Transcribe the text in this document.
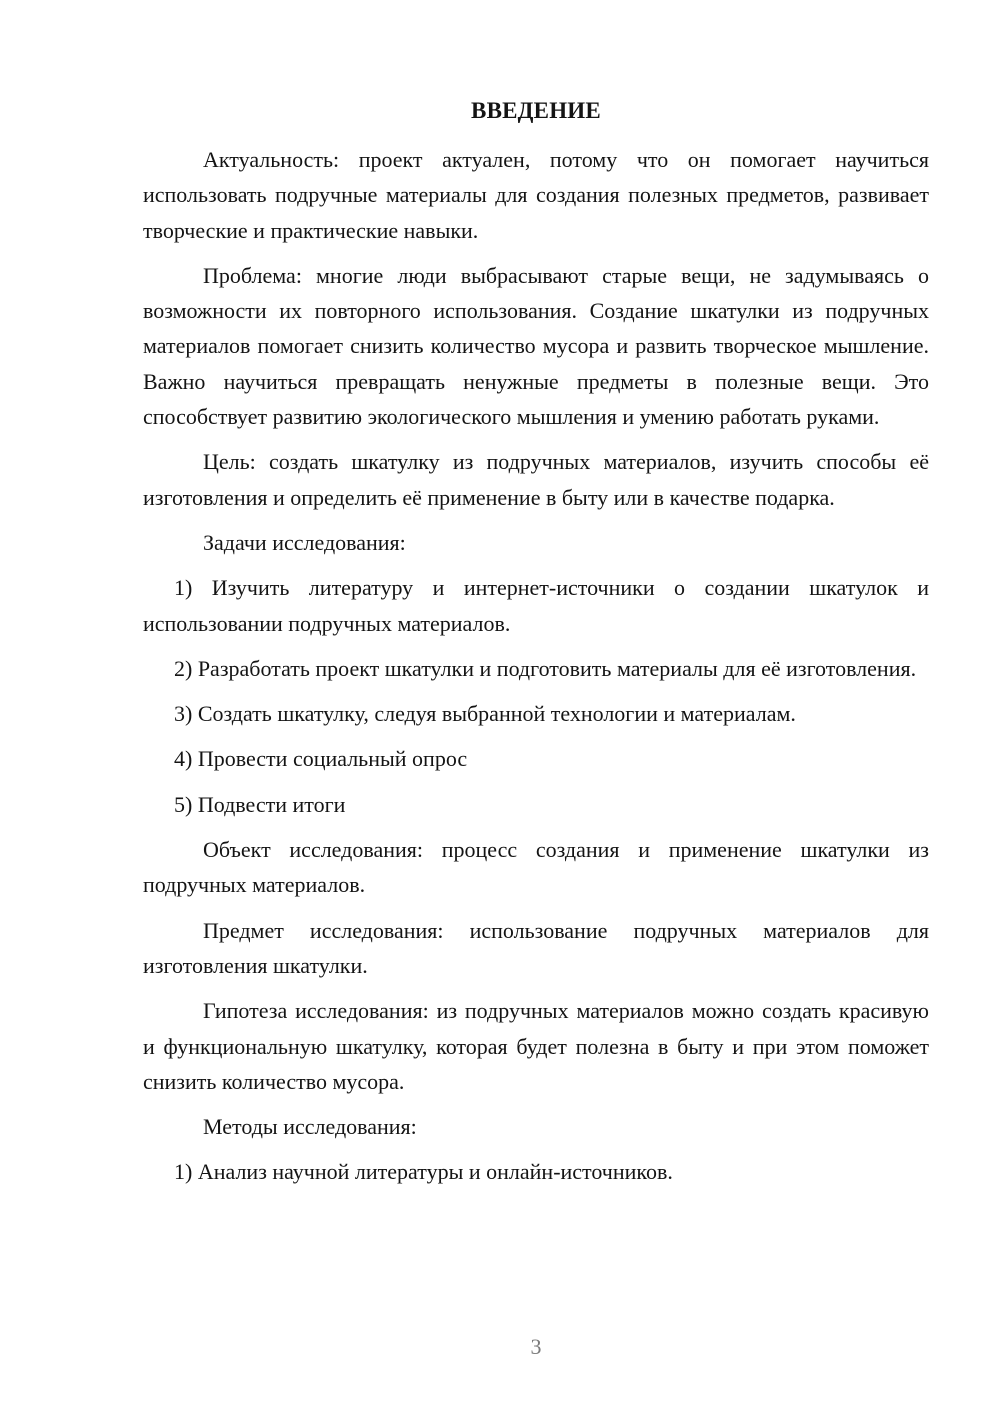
ВВЕДЕНИЕ

Актуальность: проект актуален, потому что он помогает научиться использовать подручные материалы для создания полезных предметов, развивает творческие и практические навыки.

Проблема: многие люди выбрасывают старые вещи, не задумываясь о возможности их повторного использования. Создание шкатулки из подручных материалов помогает снизить количество мусора и развить творческое мышление. Важно научиться превращать ненужные предметы в полезные вещи. Это способствует развитию экологического мышления и умению работать руками.

Цель: создать шкатулку из подручных материалов, изучить способы её изготовления и определить её применение в быту или в качестве подарка.

Задачи исследования:

1) Изучить литературу и интернет-источники о создании шкатулок и использовании подручных материалов.

2) Разработать проект шкатулки и подготовить материалы для её изготовления.

3) Создать шкатулку, следуя выбранной технологии и материалам.

4) Провести социальный опрос

5) Подвести итоги

Объект исследования: процесс создания и применение шкатулки из подручных материалов.

Предмет исследования: использование подручных материалов для изготовления шкатулки.

Гипотеза исследования: из подручных материалов можно создать красивую и функциональную шкатулку, которая будет полезна в быту и при этом поможет снизить количество мусора.

Методы исследования:

1) Анализ научной литературы и онлайн-источников.

3
